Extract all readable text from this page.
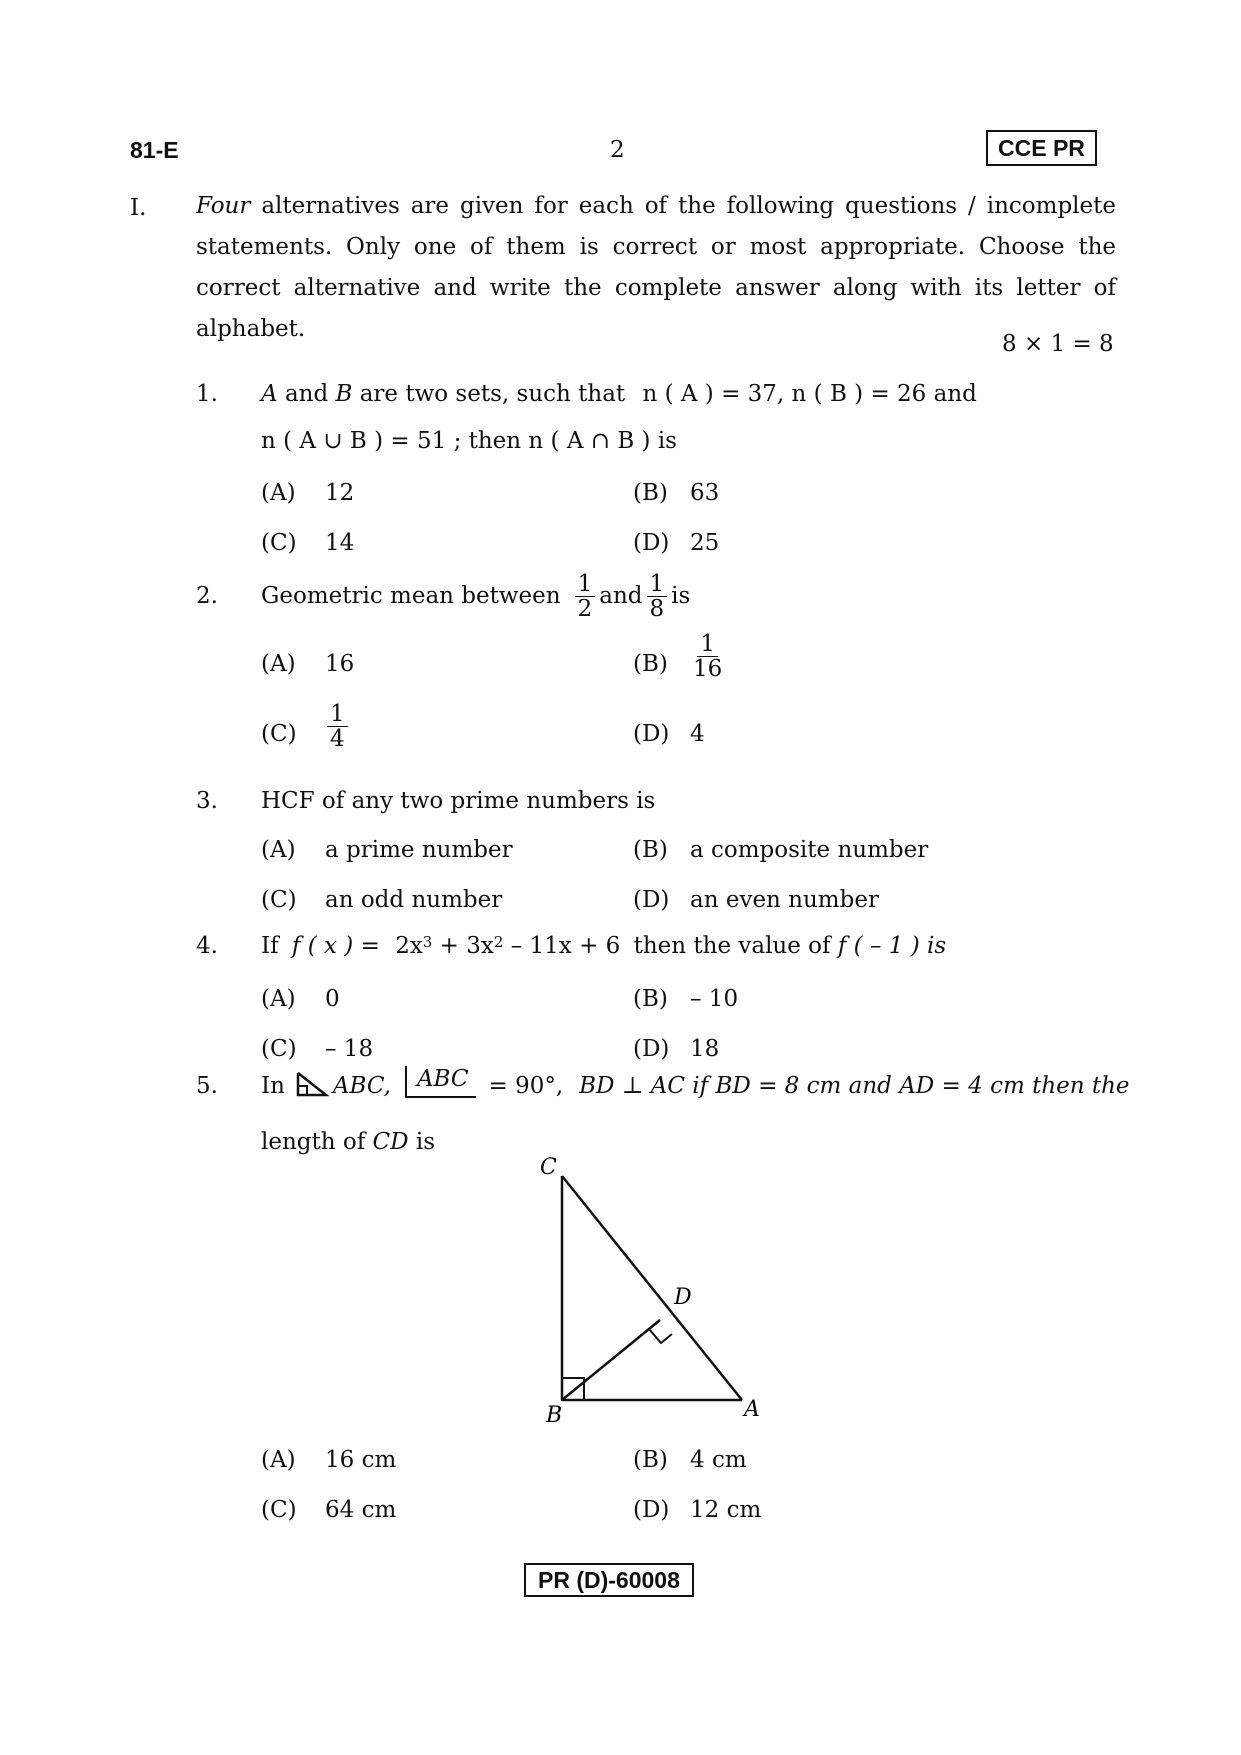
81-E	2	CCE PR
I. Four alternatives are given for each of the following questions / incomplete statements. Only one of them is correct or most appropriate. Choose the correct alternative and write the complete answer along with its letter of alphabet.
8 × 1 = 8
1. A and B are two sets, such that n ( A ) = 37, n ( B ) = 26 and
n ( A ∪ B ) = 51 ; then n ( A ∩ B ) is
(A) 12	(B) 63
(C) 14	(D) 25
2. Geometric mean between $\frac{1}{2}$ and $\frac{1}{8}$ is
(A) 16	$(B) \frac{1}{16}$
$(C) \frac{1}{4}$	(D) 4
3. HCF of any two prime numbers is
(A) a prime number	(B) a composite number
(C) an odd number	(D) an even number
4. If f ( x ) = $2x^3 + 3x^2 - 11x + 6$ then the value of f ( – 1 ) is
(A) 0	(B) – 10
(C) – 18	(D) 18
5. In ABC,	ABC = 90°, BD ⊥ AC if BD = 8 cm and AD = 4 cm then the
length of CD is
C
D
B	A
(A) 16 cm	(B) 4 cm
(C) 64 cm	(D) 12 cm
PR (D)-60008
